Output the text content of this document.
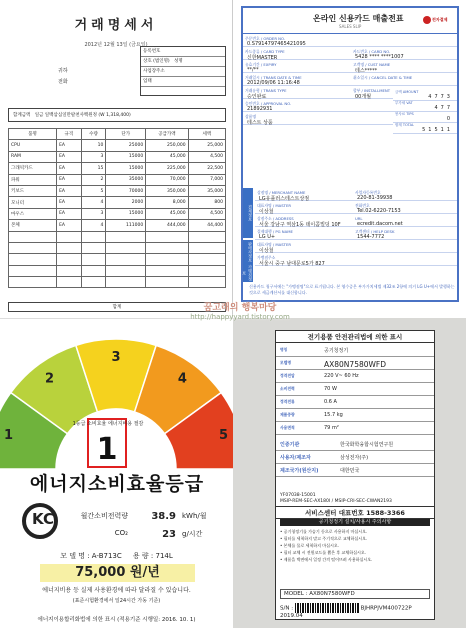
거래명세서
2012년 12월 13일 (금요일)
등록번호
상호 (법인명) 성명
사업장주소
업태
귀하
전화
합계금액 일금 일백삼십일만팔천사백원정 (W 1,318,400)
품명	규격	수량	단가	공급가액	세액
CPU	EA	10	25000	250,000	25,000
RAM	EA	3	15000	45,000	4,500
그래픽카드	EA	15	15000	225,000	22,500
파워	EA	2	35000	70,000	7,000
키보드	EA	5	70000	350,000	35,000
모니터	EA	4	2000	8,000	800
마우스	EA	3	15000	45,000	4,500
본체	EA	4	111000	444,000	44,400

합계
온라인 신용카드 매출전표
SALES SLIP
전자결제
주문번호 / ORDER NO.
0.S7914797465421095
카드종류 / CARD TYPE
신한MASTER
카드번호 / CARD NO.
5428 **** ****1007
유효기간 / EXPIRY
**/**
고객명 / CUST NAME
테스*****
거래일시 / TRANS DATE & TIME
2012/09/06 11:16:48
취소일시 / CANCEL DATE & TIME
거래유형 / TRANS TYPE
승인완료
할부 / INSTALLMENT
00개월
승인번호 / APPROVAL NO.
21892931
상품명
테스트 상품
금액 AMOUNT
4773
부가세 VAT
477
봉사료 TIPS
0
합계 TOTAL
51511
결제정보
판매자정보
가맹점정보
상점명 / MERCHANT NAME
LG유플러스테스트상점
사업자등록번호
220-81-39938
대표자명 / MASTER
이상철
전화번호
Tel.02-6220-7153
상점주소 / ADDRESS
서울 강남구 역삼1동 데이콤빌딩 10F
URL
ecredit.dacom.net
결제대행 / PG NAME
LG U+
고객센터 / HELP DESK
1544-7772
대표자명 / MASTER
이상철
가맹점주소
서울시 중구 남대문로5가 827
신용카드 청구서에는 "가맹점명"으로 표기됩니다. 본 영수증은 부가가치세법 제32조 2항에 의거 LG U+에서 발행하는 것으로 세금계산서를 대신합니다.
1
2
3
4
5
1
1등급 소비효율 에너지비용 절감
에너지소비효율등급
KC	월간소비전력량	38.9 kWh/월
CO₂	23 g/시간
모 델 명 : A-B713C 용 량 : 714L
75,000 원/년
에너지비용 등 실제 사용환경에 따라 달라질 수 있습니다.
(표준시험환경에서 일24시간 가동 기준)
에너지이용합리화법에 의한 표시 (적용기준 시행일: 2016. 10. 1)
전기용품 안전관리법에 의한 표시
명칭	공기청정기
모델명	AX80N7580WFD
정격전압	220 V~ 60 Hz
소비전력	70 W
정격전류	0.6 A
제품중량	15.7 kg
사용면적	79 m²
인증기관	한국화학융합시험연구원
사용자/제조자	삼성전자(주)
제조국가(원산지)	대한민국
YF07038-15001
MSIP-REM-SEC-AX180I / MSIP-CRI-SEC-CWAN2193
서비스센터 대표번호 1588-3366
공기청정기 설치/사용시 주의사항
• 공기청정기를 가습기 등으로 사용하지 마십시오.
• 필터를 세척하지 말고 주기적으로 교체하십시오.
• 본체를 물로 세척하지 마십시오.
• 필터 교체 시 전원코드를 뽑은 후 교체하십시오.
• 제품을 벽면에서 일정 간격 떨어뜨려 사용하십시오.
MODEL : AX80N7580WFD
S/N :	BJHRPJVM400722P   2019.04
꿈고래의 행복마당
http://happyyard.tistory.com
